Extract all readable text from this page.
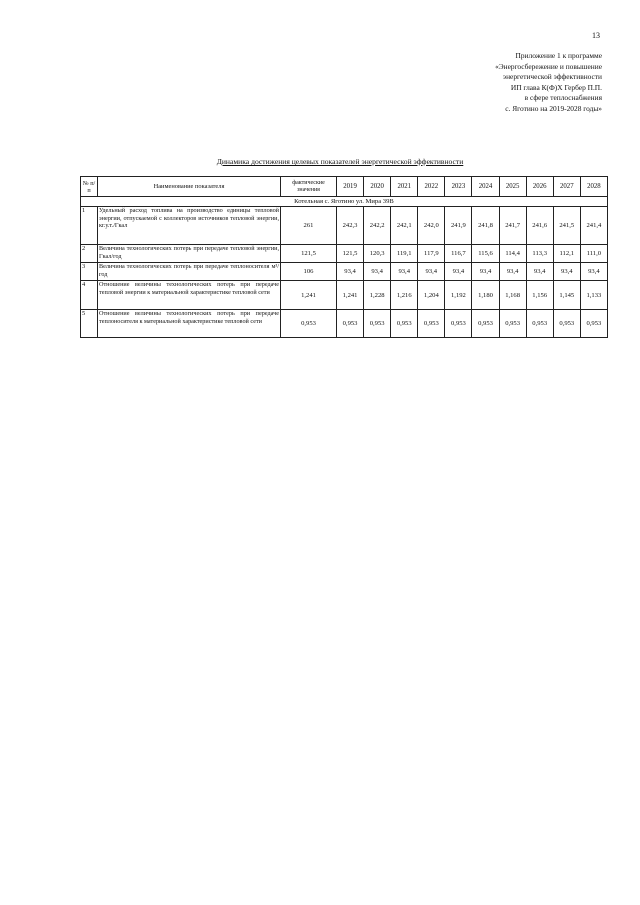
13
Приложение 1 к программе
«Энергосбережение и повышение
энергетической эффективности
ИП глава К(Ф)Х Гербер П.П.
в сфере теплоснабжения
с. Яготино на 2019-2028 годы»
Динамика достижения целевых показателей энергетической эффективности
№ п/п	Наименование показателя	фактические значения	2019	2020	2021	2022	2023	2024	2025	2026	2027	2028
Котельная с. Яготино ул. Мира 39В												
1	Удельный расход топлива на производство единицы тепловой энергии, отпускаемой с коллекторов источников тепловой энергии, кг.у.т./Гкал	261	242,3	242,2	242,1	242,0	241,9	241,8	241,7	241,6	241,5	241,4
2	Величина технологических потерь при передаче тепловой энергии, Гкал/год	121,5	121,5	120,3	119,1	117,9	116,7	115,6	114,4	113,3	112,1	111,0
3	Величина технологических потерь при передаче теплоносителя м³/год	106	93,4	93,4	93,4	93,4	93,4	93,4	93,4	93,4	93,4	93,4
4	Отношение величины технологических потерь при передаче тепловой энергии к материальной характеристике тепловой сети	1,241	1,241	1,228	1,216	1,204	1,192	1,180	1,168	1,156	1,145	1,133
5	Отношение величины технологических потерь при передаче теплоносителя к материальной характеристике тепловой сети	0,953	0,953	0,953	0,953	0,953	0,953	0,953	0,953	0,953	0,953	0,953
